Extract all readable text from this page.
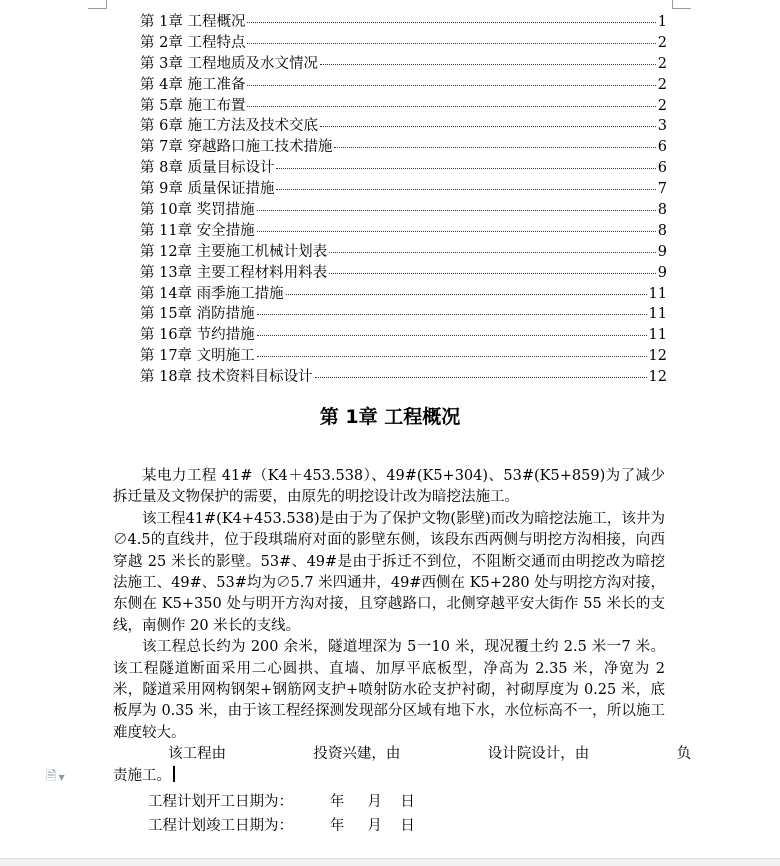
第 1章 工程概况	1
第 2章 工程特点	2
第 3章 工程地质及水文情况	2
第 4章 施工准备	2
第 5章 施工布置	2
第 6章 施工方法及技术交底	3
第 7章 穿越路口施工技术措施	6
第 8章 质量目标设计	6
第 9章 质量保证措施	7
第 10章 奖罚措施	8
第 11章 安全措施	8
第 12章 主要施工机械计划表	9
第 13章 主要工程材料用料表	9
第 14章 雨季施工措施	11
第 15章 消防措施	11
第 16章 节约措施	11
第 17章 文明施工	12
第 18章 技术资料目标设计	12
第 1章 工程概况

某电力工程 41#（K4＋453.538）、49#(K5+304)、53#(K5+859)为了减少拆迁量及文物保护的需要，由原先的明挖设计改为暗挖法施工。

该工程41#(K4+453.538)是由于为了保护文物(影壁)而改为暗挖法施工，该井为∅4.5的直线井，位于段琪瑞府对面的影壁东侧，该段东西两侧与明挖方沟相接，向西穿越 25 米长的影壁。53#、49#是由于拆迁不到位，不阻断交通而由明挖改为暗挖法施工、49#、53#均为∅5.7 米四通井，49#西侧在 K5+280 处与明挖方沟对接，东侧在 K5+350 处与明开方沟对接，且穿越路口，北侧穿越平安大街作 55 米长的支线，南侧作 20 米长的支线。

该工程总长约为 200 余米，隧道埋深为 5一10 米，现况覆土约 2.5 米一7 米。该工程隧道断面采用二心圆拱、直墙、加厚平底板型，净高为 2.35 米，净宽为 2 米，隧道采用网构钢架+钢筋网支护+喷射防水砼支护衬砌，衬砌厚度为 0.25 米，底板厚为 0.35 米，由于该工程经探测发现部分区域有地下水，水位标高不一，所以施工难度较大。

该工程由	投资兴建，由	设计院设计，由	负

责施工。

工程计划开工日期为：	年 月 日
工程计划竣工日期为：	年 月 日
🗎 ▼
